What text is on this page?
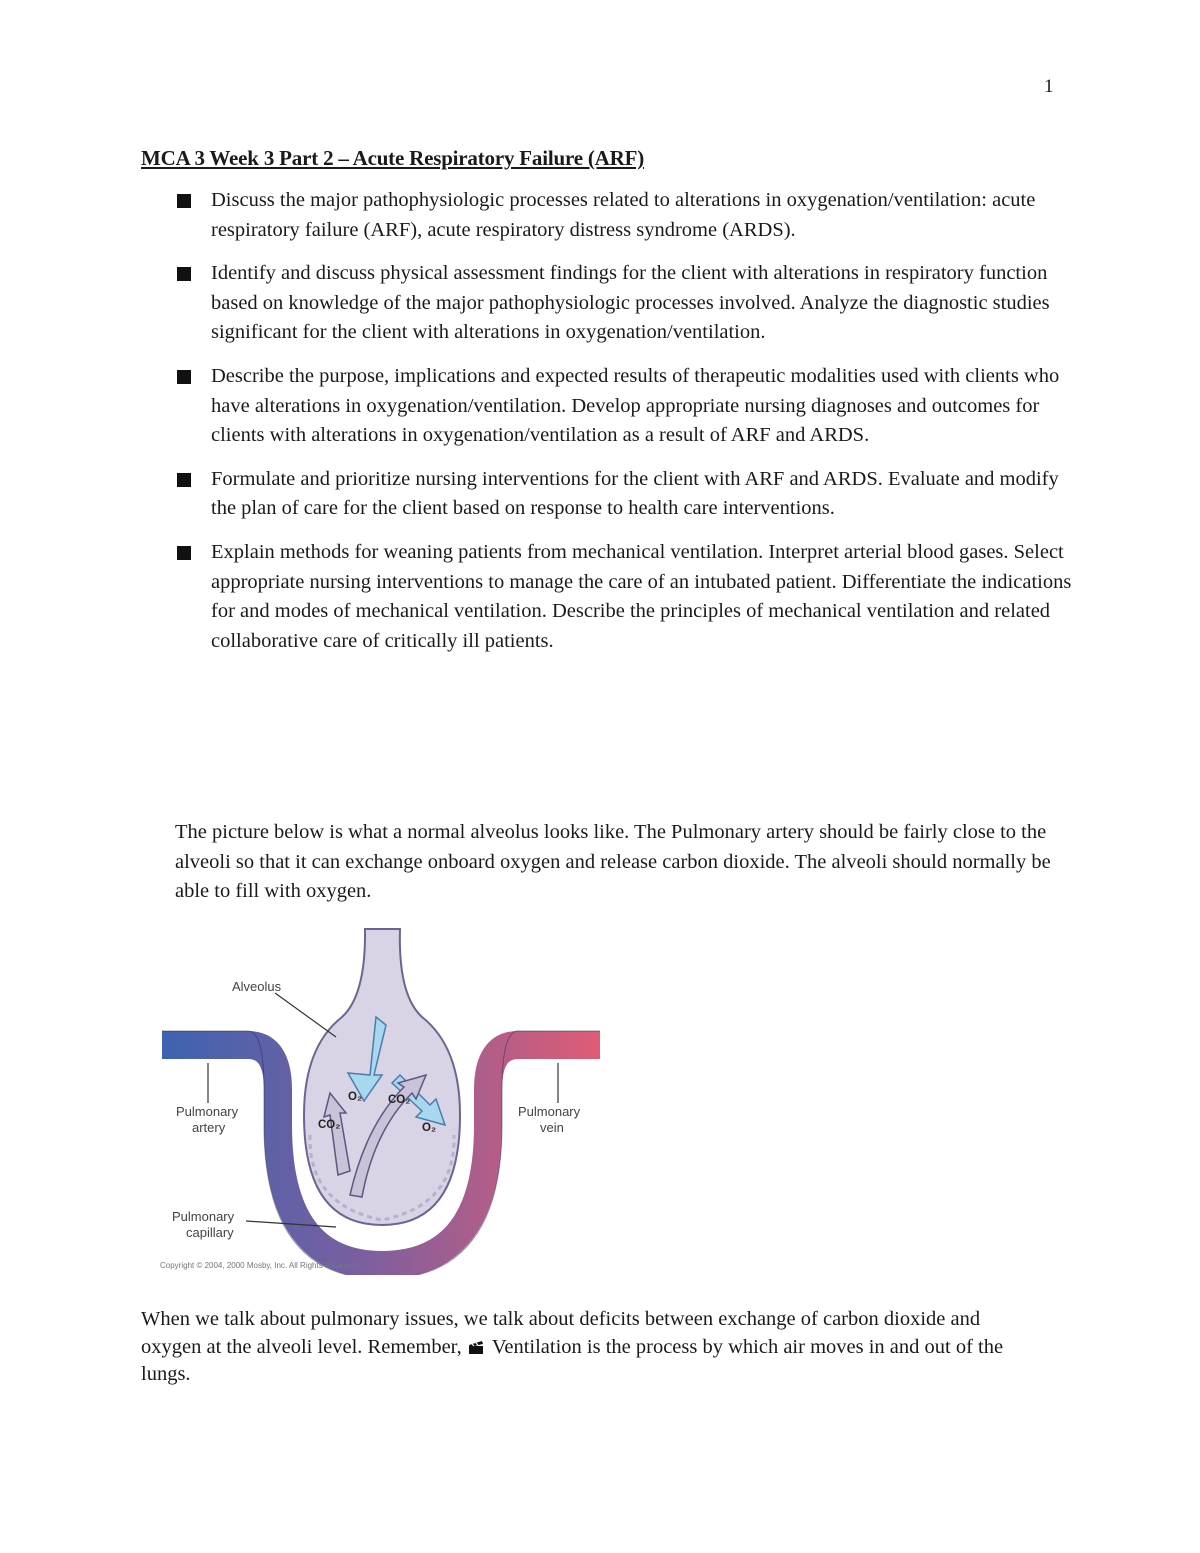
1
MCA 3 Week 3 Part 2 – Acute Respiratory Failure (ARF)
Discuss the major pathophysiologic processes related to alterations in oxygenation/ventilation: acute respiratory failure (ARF), acute respiratory distress syndrome (ARDS).
Identify and discuss physical assessment findings for the client with alterations in respiratory function based on knowledge of the major pathophysiologic processes involved. Analyze the diagnostic studies significant for the client with alterations in oxygenation/ventilation.
Describe the purpose, implications and expected results of therapeutic modalities used with clients who have alterations in oxygenation/ventilation. Develop appropriate nursing diagnoses and outcomes for clients with alterations in oxygenation/ventilation as a result of ARF and ARDS.
Formulate and prioritize nursing interventions for the client with ARF and ARDS. Evaluate and modify the plan of care for the client based on response to health care interventions.
Explain methods for weaning patients from mechanical ventilation. Interpret arterial blood gases. Select appropriate nursing interventions to manage the care of an intubated patient. Differentiate the indications for and modes of mechanical ventilation. Describe the principles of mechanical ventilation and related collaborative care of critically ill patients.

The picture below is what a normal alveolus looks like. The Pulmonary artery should be fairly close to the alveoli so that it can exchange onboard oxygen and release carbon dioxide. The alveoli should normally be able to fill with oxygen.

O₂ CO₂
CO₂	O₂
Alveolus
Pulmonary
artery
Pulmonary
vein
Pulmonary
capillary
Copyright © 2004, 2000 Mosby, Inc. All Rights Reserved.

When we talk about pulmonary issues, we talk about deficits between exchange of carbon dioxide and oxygen at the alveoli level. Remember, Ventilation is the process by which air moves in and out of the lungs.
